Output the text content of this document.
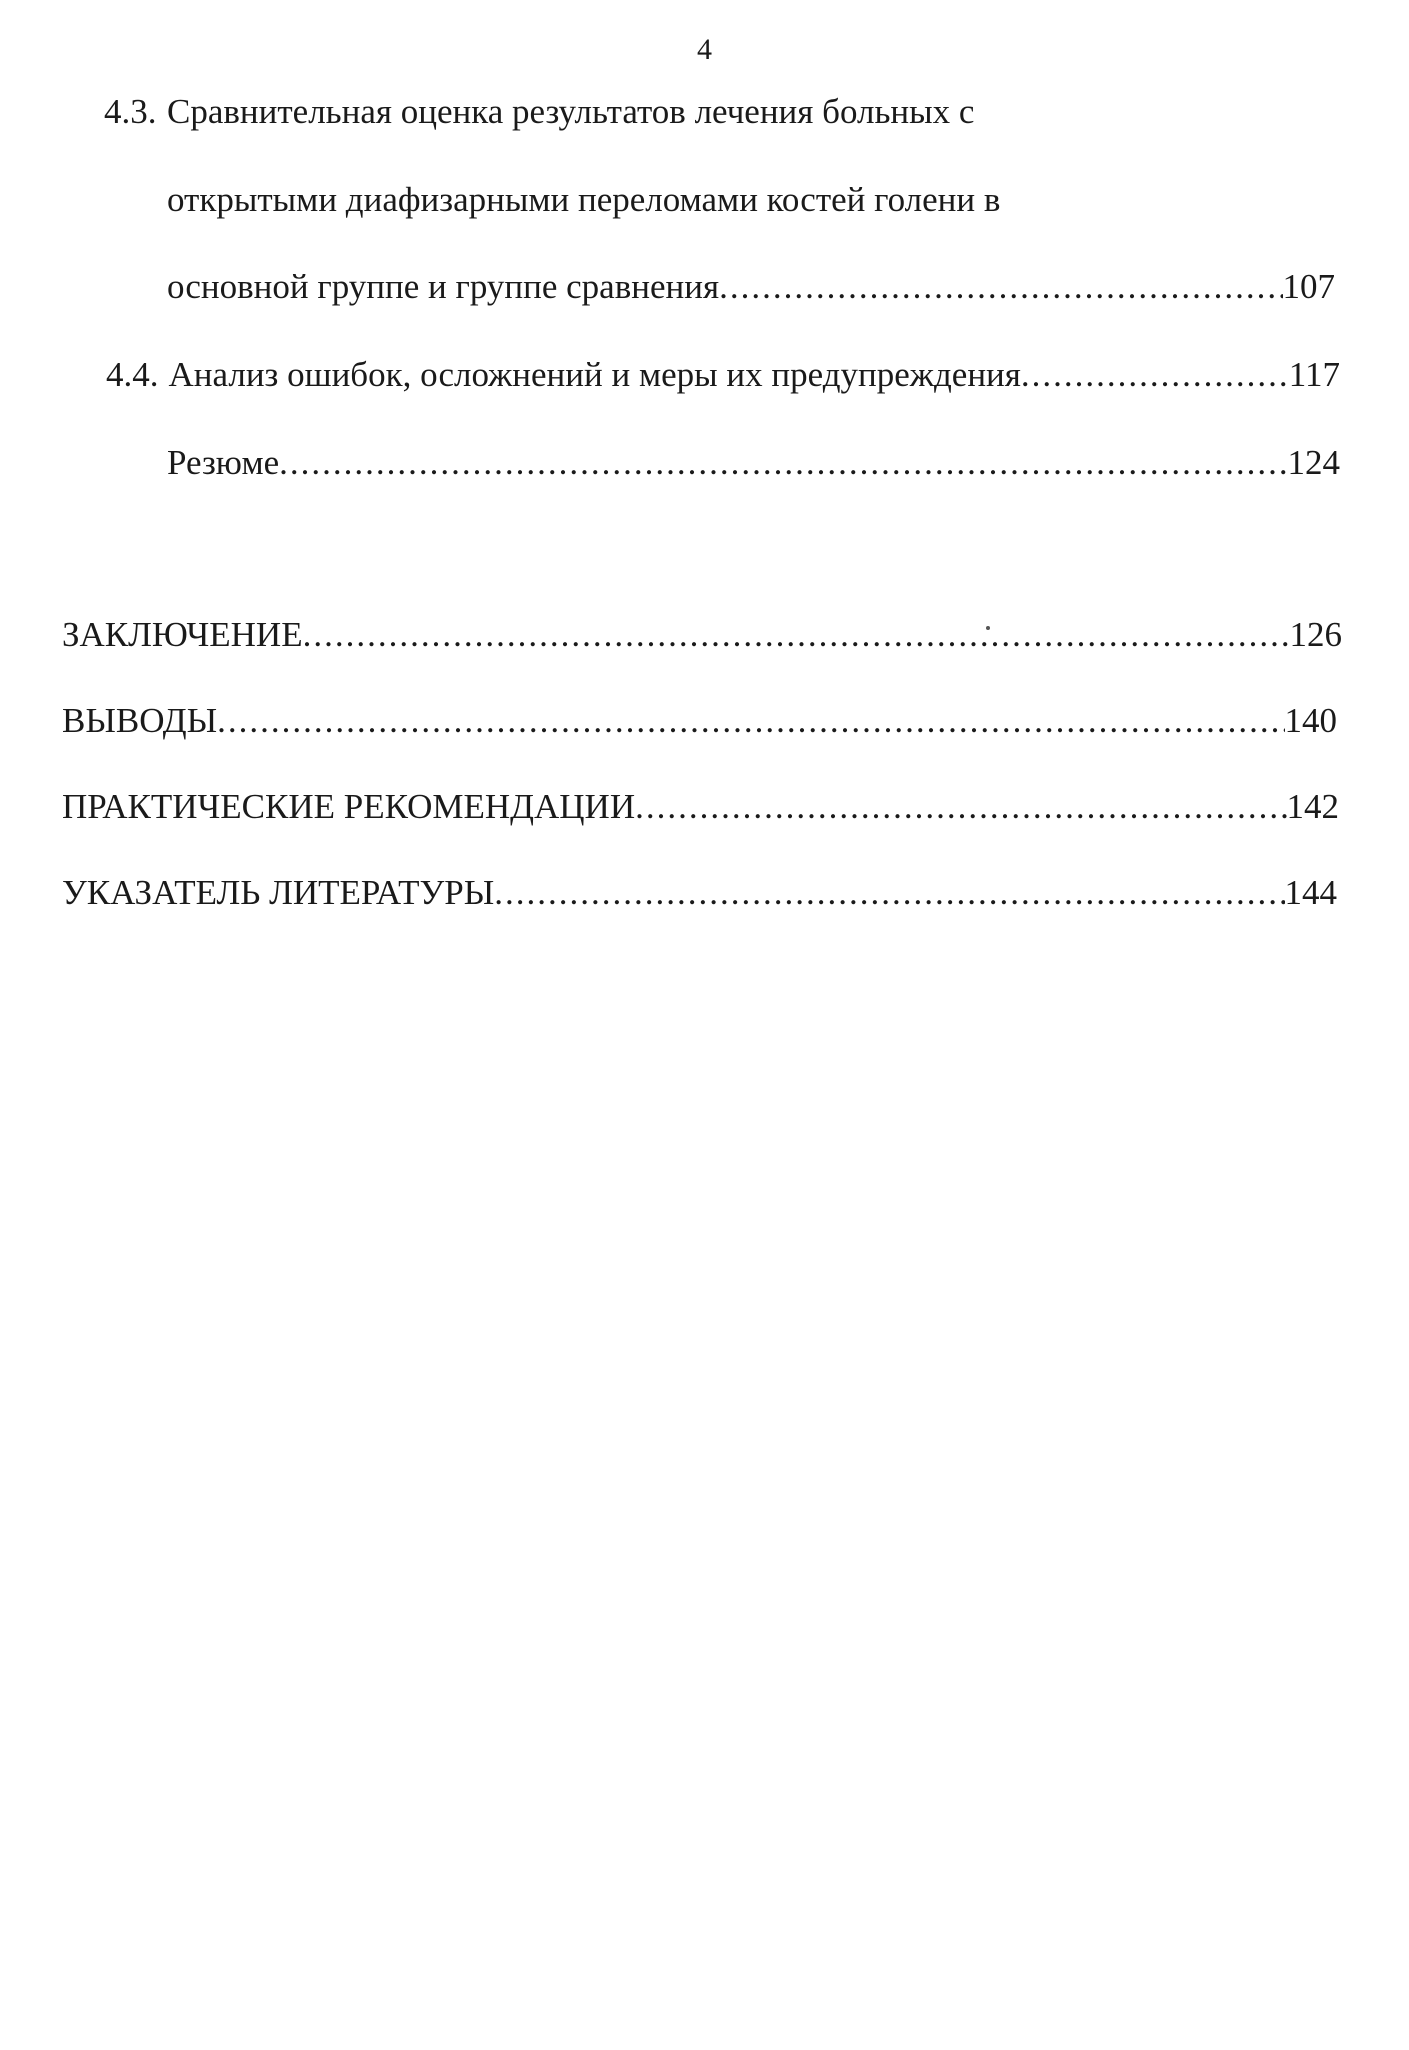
4
4.3. Сравнительная оценка результатов лечения больных с
открытыми диафизарными переломами костей голени в
основной группе и группе сравнения .....	107
4.4. Анализ ошибок, осложнений и меры их предупреждения .....	117
Резюме .....	124
ЗАКЛЮЧЕНИЕ .....	126
ВЫВОДЫ .....	140
ПРАКТИЧЕСКИЕ РЕКОМЕНДАЦИИ .....	142
УКАЗАТЕЛЬ ЛИТЕРАТУРЫ .....	144
